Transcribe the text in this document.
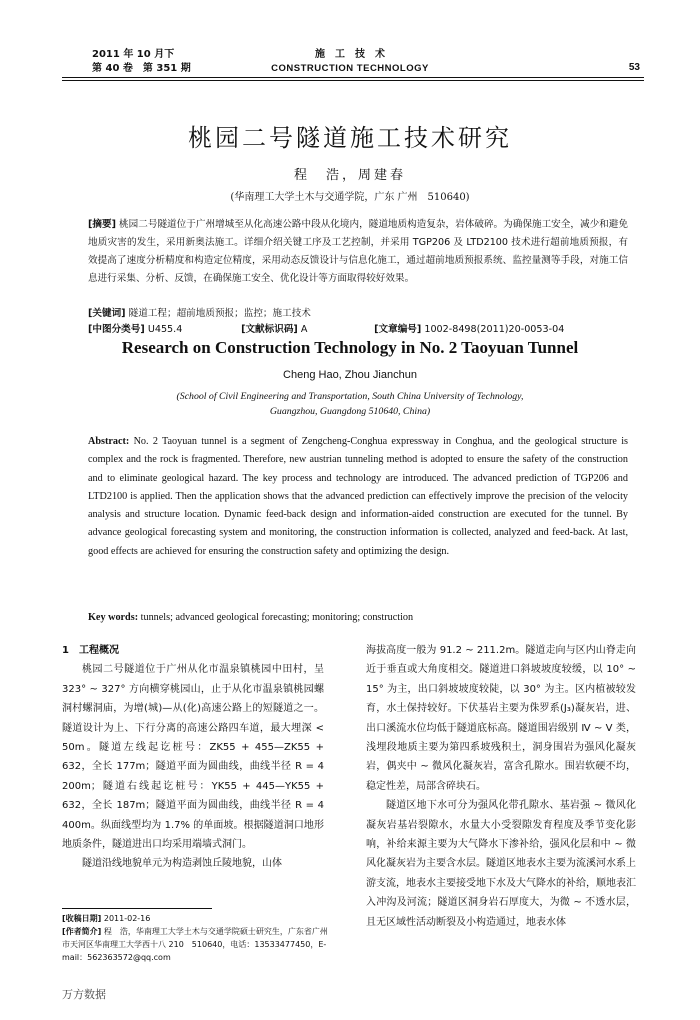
2011 年 10 月下
第 40 卷　第 351 期
施　工　技　术
CONSTRUCTION TECHNOLOGY	53
桃园二号隧道施工技术研究
程　浩，周建春
(华南理工大学土木与交通学院，广东 广州　510640)
[摘要] 桃园二号隧道位于广州增城至从化高速公路中段从化境内，隧道地质构造复杂，岩体破碎。为确保施工安全，减少和避免地质灾害的发生，采用新奥法施工。详细介绍关键工序及工艺控制，并采用 TGP206 及 LTD2100 技术进行超前地质预报，有效提高了速度分析精度和构造定位精度，采用动态反馈设计与信息化施工，通过超前地质预报系统、监控量测等手段，对施工信息进行采集、分析、反馈，在确保施工安全、优化设计等方面取得较好效果。
[关键词] 隧道工程；超前地质预报；监控；施工技术
[中图分类号] U455.4	[文献标识码] A	[文章编号] 1002-8498(2011)20-0053-04
Research on Construction Technology in No. 2 Taoyuan Tunnel
Cheng Hao, Zhou Jianchun
(School of Civil Engineering and Transportation, South China University of Technology,
Guangzhou, Guangdong 510640, China)
Abstract: No. 2 Taoyuan tunnel is a segment of Zengcheng-Conghua expressway in Conghua, and the geological structure is complex and the rock is fragmented. Therefore, new austrian tunneling method is adopted to ensure the safety of the construction and to eliminate geological hazard. The key process and technology are introduced. The advanced prediction of TGP206 and LTD2100 is applied. Then the application shows that the advanced prediction can effectively improve the precision of the velocity analysis and structure location. Dynamic feed-back design and information-aided construction are executed for the tunnel. By advance geological forecasting system and monitoring, the construction information is collected, analyzed and feed-back. At last, good effects are achieved for ensuring the construction safety and optimizing the design.
Key words: tunnels; advanced geological forecasting; monitoring; construction

1　工程概况

桃园二号隧道位于广州从化市温泉镇桃园中田村，呈 323° ~ 327° 方向横穿桃园山，止于从化市温泉镇桃园螺洞村螺洞庙，为增(城)—从(化)高速公路上的短隧道之一。隧道设计为上、下行分离的高速公路四车道，最大埋深 < 50m。隧道左线起讫桩号：ZK55 + 455—ZK55 + 632，全长 177m；隧道平面为圆曲线，曲线半径 R = 4 200m；隧道右线起讫桩号：YK55 + 445—YK55 + 632，全长 187m；隧道平面为圆曲线，曲线半径 R = 4 400m。纵面线型均为 1.7% 的单面坡。根据隧道洞口地形地质条件，隧道进出口均采用端墙式洞门。

隧道沿线地貌单元为构造剥蚀丘陵地貌，山体

海拔高度一般为 91.2 ~ 211.2m。隧道走向与区内山脊走向近于垂直或大角度相交。隧道进口斜坡坡度较缓，以 10° ~ 15° 为主，出口斜坡坡度较陡，以 30° 为主。区内植被较发育，水土保持较好。下伏基岩主要为侏罗系(J₃)凝灰岩，进、出口溪流水位均低于隧道底标高。隧道围岩级别 Ⅳ ~ Ⅴ 类，浅埋段地质主要为第四系坡残积土，洞身围岩为强风化凝灰岩，偶夹中 ~ 微风化凝灰岩，富含孔隙水。围岩软硬不均，稳定性差，局部含碎块石。

隧道区地下水可分为强风化带孔隙水、基岩强 ~ 微风化凝灰岩基岩裂隙水，水量大小受裂隙发育程度及季节变化影响，补给来源主要为大气降水下渗补给，强风化层和中 ~ 微风化凝灰岩为主要含水层。隧道区地表水主要为流溪河水系上游支流，地表水主要接受地下水及大气降水的补给，顺地表汇入冲沟及河流；隧道区洞身岩石厚度大，为微 ~ 不透水层，且无区域性活动断裂及小构造通过，地表水体

[收稿日期] 2011-02-16
[作者简介] 程　浩，华南理工大学土木与交通学院硕士研究生，广东省广州市天河区华南理工大学西十八 210　510640，电话：13533477450，E-mail：562363572@qq.com
万方数据
